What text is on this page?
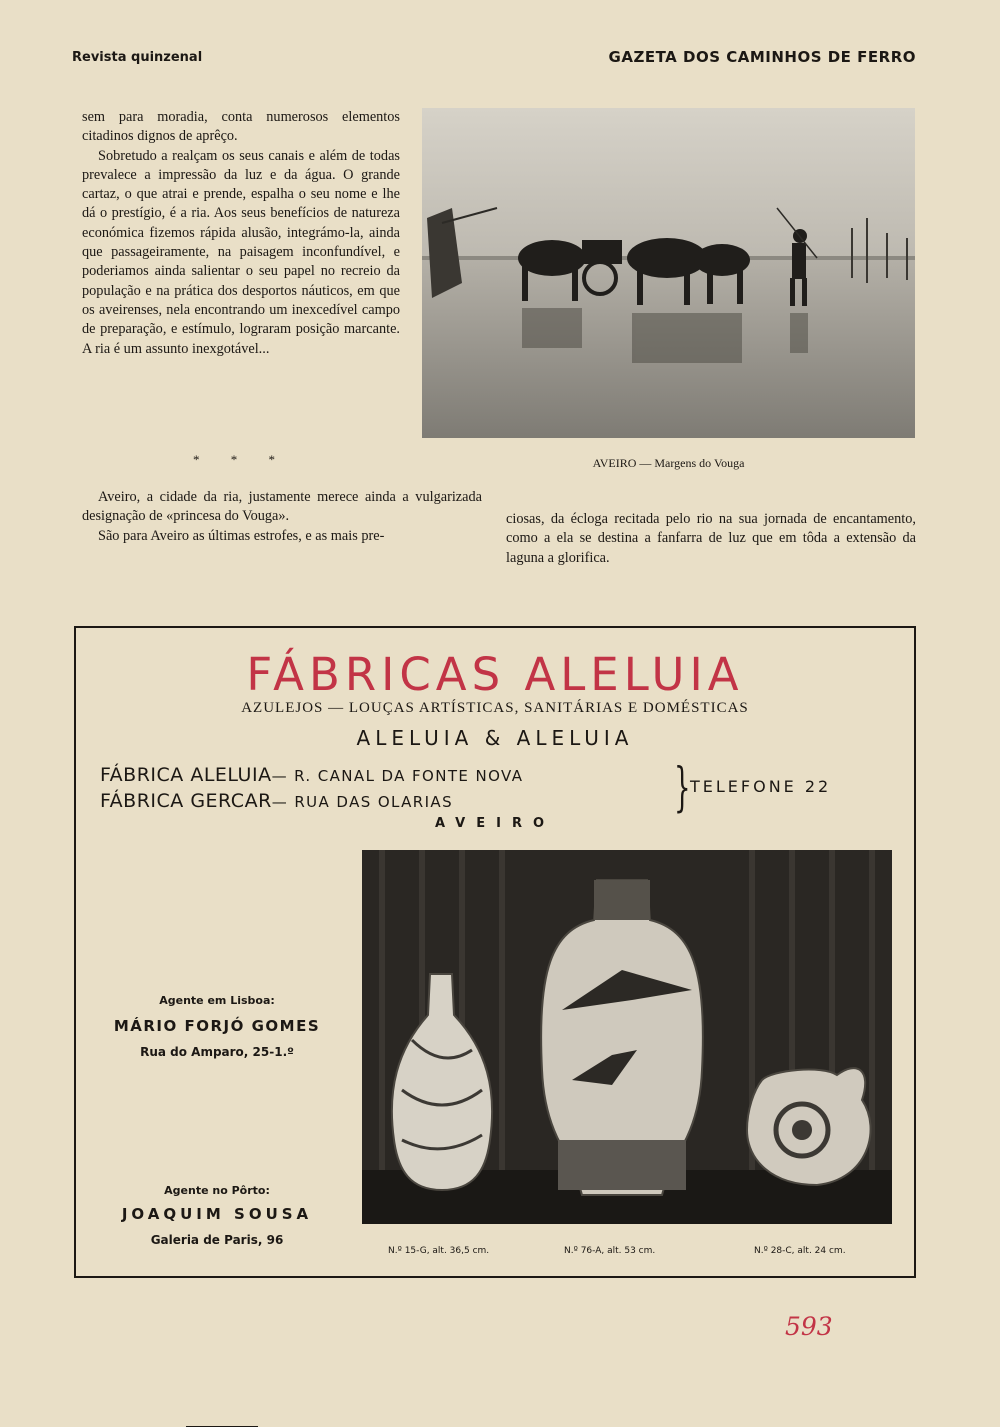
Revista quinzenal	GAZETA DOS CAMINHOS DE FERRO

sem para moradia, conta numerosos elementos citadinos dignos de aprêço.

Sobretudo a realçam os seus canais e além de todas prevalece a impressão da luz e da água. O grande cartaz, o que atrai e prende, espalha o seu nome e lhe dá o prestígio, é a ria. Aos seus benefícios de natureza económica fizemos rápida alusão, integrámo-la, ainda que passageiramente, na paisagem inconfundível, e poderiamos ainda salientar o seu papel no recreio da população e na prática dos desportos náuticos, em que os aveirenses, nela encontrando um inexcedível campo de preparação, e estímulo, lograram posição marcante. A ria é um assunto inexgotável...

* * *	AVEIRO — Margens do Vouga

Aveiro, a cidade da ria, justamente merece ainda a vulgarizada designação de «princesa do Vouga».

São para Aveiro as últimas estrofes, e as mais pre-

ciosas, da écloga recitada pelo rio na sua jornada de encantamento, como a ela se destina a fanfarra de luz que em tôda a extensão da laguna a glorifica.
FÁBRICAS ALELUIA
AZULEJOS — LOUÇAS ARTÍSTICAS, SANITÁRIAS E DOMÉSTICAS
ALELUIA & ALELUIA
FÁBRICA ALELUIA— R. CANAL DA FONTE NOVA
FÁBRICA GERCAR— RUA DAS OLARIAS	} TELEFONE 22
AVEIRO
Agente em Lisboa:
MÁRIO FORJÓ GOMES
Rua do Amparo, 25-1.º
Agente no Pôrto:
JOAQUIM SOUSA
Galeria de Paris, 96
N.º 15-G, alt. 36,5 cm.	N.º 76-A, alt. 53 cm.	N.º 28-C, alt. 24 cm.
593
